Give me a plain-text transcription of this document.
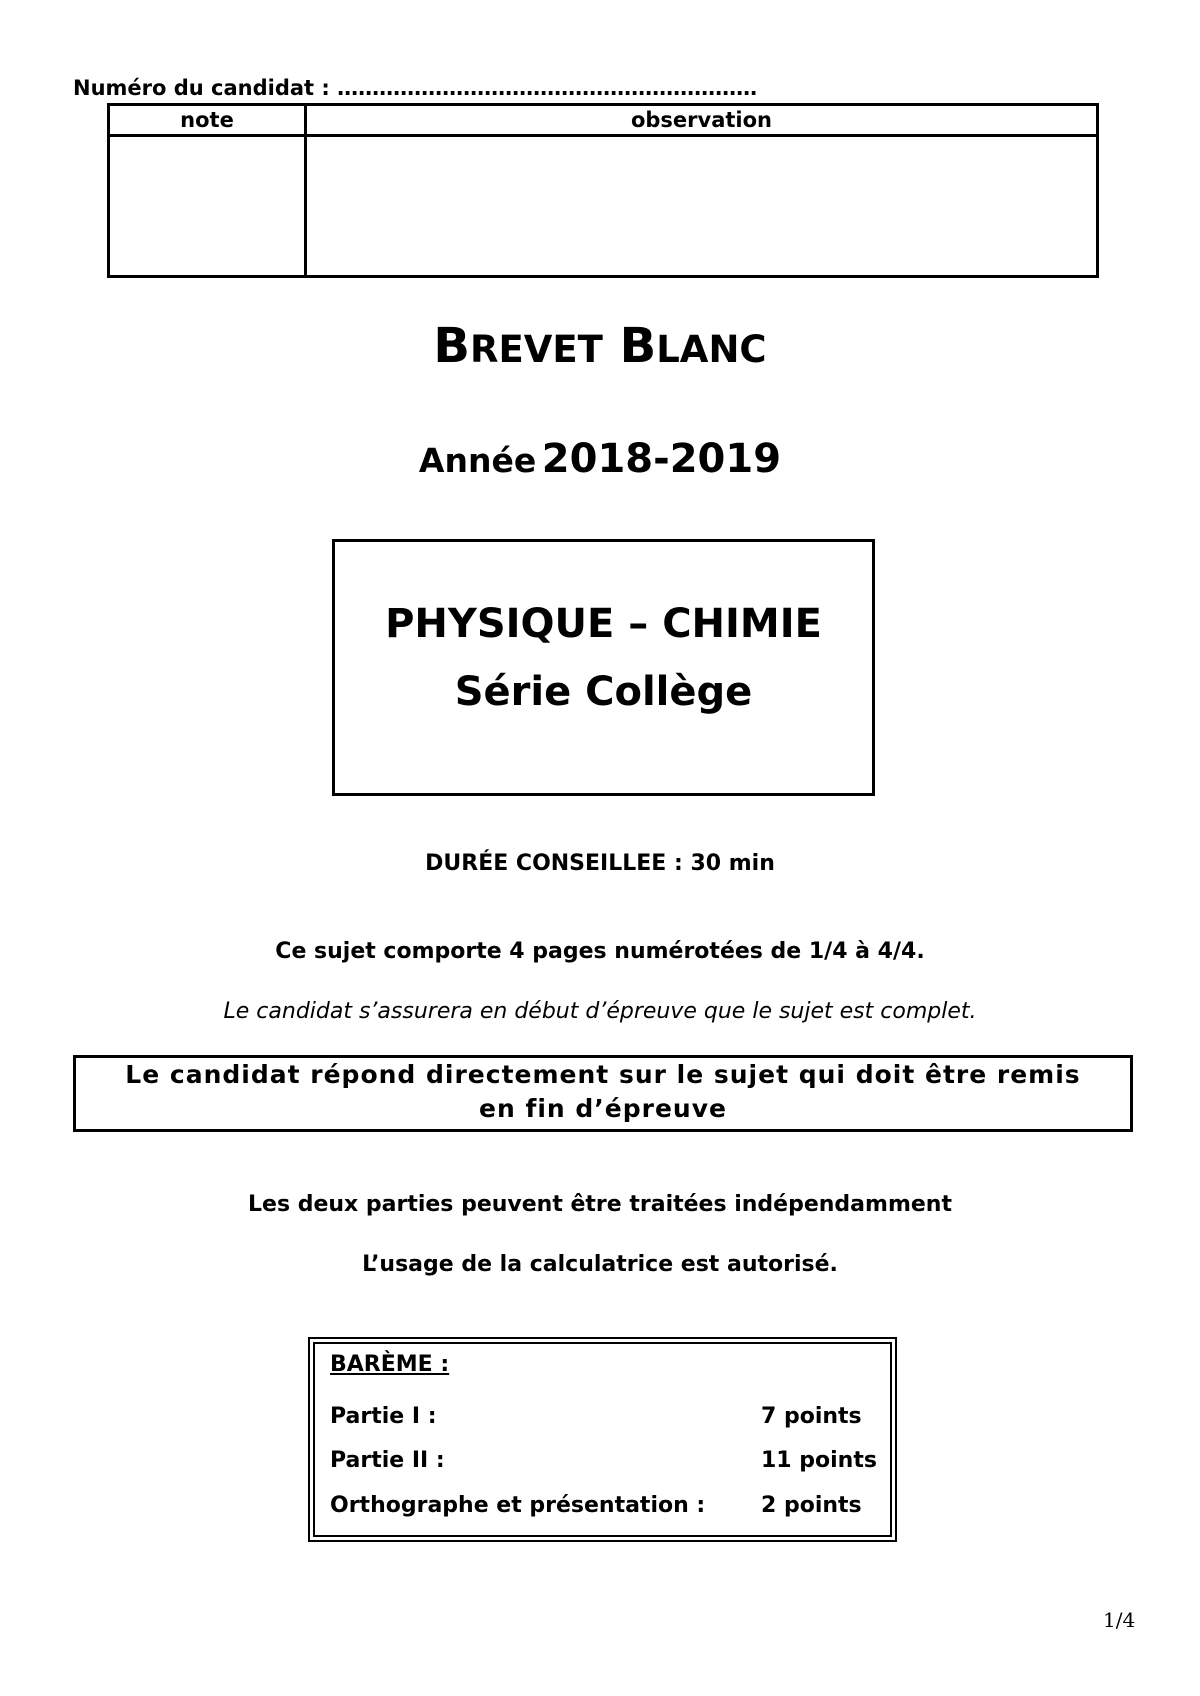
Numéro du candidat : ……………………………………………………
note	observation

BREVET BLANC
Année 2018-2019
PHYSIQUE – CHIMIE
Série Collège
DURÉE CONSEILLEE : 30 min
Ce sujet comporte 4 pages numérotées de 1/4 à 4/4.
Le candidat s’assurera en début d’épreuve que le sujet est complet.
Le candidat répond directement sur le sujet qui doit être remis
en fin d’épreuve
Les deux parties peuvent être traitées indépendamment
L’usage de la calculatrice est autorisé.
BARÈME :
Partie I :	7 points
Partie II :	11 points
Orthographe et présentation :	2 points
1/4
